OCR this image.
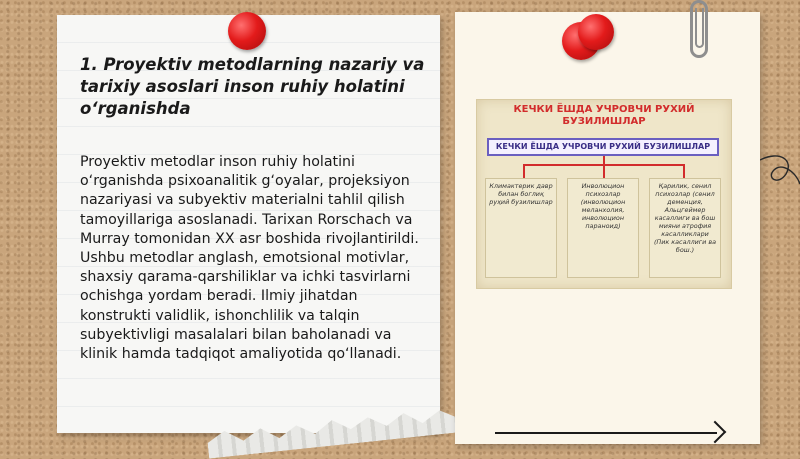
1. Proyektiv metodlarning nazariy va tarixiy asoslari inson ruhiy holatini o‘rganishda

Proyektiv metodlar inson ruhiy holatini o‘rganishda psixoanalitik g‘oyalar, projeksiyon nazariyasi va subyektiv materialni tahlil qilish tamoyillariga asoslanadi. Tarixan Rorschach va Murray tomonidan XX asr boshida rivojlantirildi. Ushbu metodlar anglash, emotsional motivlar, shaxsiy qarama-qarshiliklar va ichki tasvirlarni ochishga yordam beradi. Ilmiy jihatdan konstrukti validlik, ishonchlilik va talqin subyektivligi masalalari bilan baholanadi va klinik hamda tadqiqot amaliyotida qo‘llanadi.

КЕЧКИ ЁШДА УЧРОВЧИ РУХИЙ БУЗИЛИШЛАР
КЕЧКИ ЁШДА УЧРОВЧИ РУХИЙ БУЗИЛИШЛАР
Климактерик давр билан боглиқ руҳий бузилишлар
Инволюцион психозлар (инволюцион меланхолия, инволюцион параноид)
Қарилик, сенил психозлар (сенил деменция, Альцгеймер касаллиги ва бош мияни атрофия касалликлари (Пик касаллиги ва бош.)
